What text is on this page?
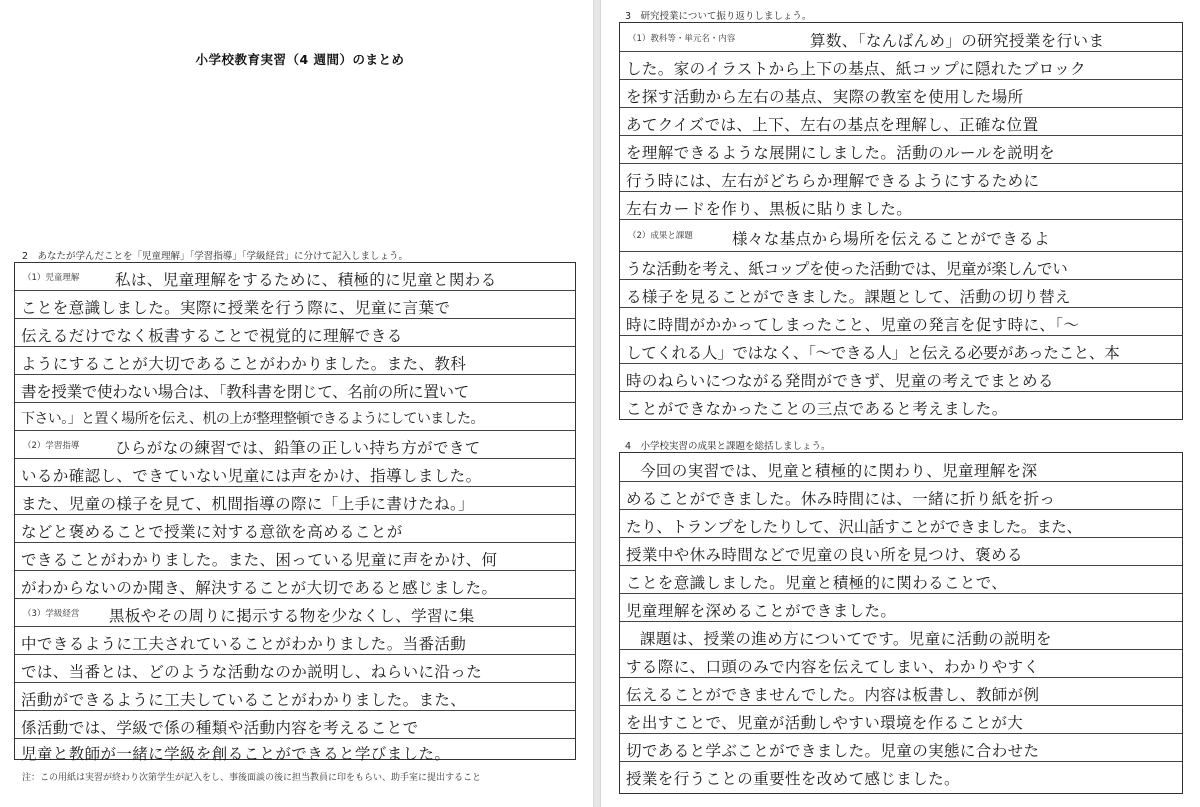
小学校教育実習（4 週間）のまとめ
2　あなたが学んだことを「児童理解」「学習指導」「学級経営」に分けて記入しましょう。
（1）児童理解 私は、児童理解をするために、積極的に児童と関わる
ことを意識しました。実際に授業を行う際に、児童に言葉で
伝えるだけでなく板書することで視覚的に理解できる
ようにすることが大切であることがわかりました。また、教科
書を授業で使わない場合は、「教科書を閉じて、名前の所に置いて
下さい。」と置く場所を伝え、机の上が整理整頓できるようにしていました。
（2）学習指導 ひらがなの練習では、鉛筆の正しい持ち方ができて
いるか確認し、できていない児童には声をかけ、指導しました。
また、児童の様子を見て、机間指導の際に「上手に書けたね。」
などと褒めることで授業に対する意欲を高めることが
できることがわかりました。また、困っている児童に声をかけ、何
がわからないのか聞き、解決することが大切であると感じました。
（3）学級経営 黒板やその周りに掲示する物を少なくし、学習に集
中できるように工夫されていることがわかりました。当番活動
では、当番とは、どのような活動なのか説明し、ねらいに沿った
活動ができるように工夫していることがわかりました。また、
係活動では、学級で係の種類や活動内容を考えることで
児童と教師が一緒に学級を創ることができると学びました。
注：この用紙は実習が終わり次第学生が記入をし、事後面談の後に担当教員に印をもらい、助手室に提出すること
3　研究授業について振り返りしましょう。
（1）教科等・単元名・内容	算数、「なんばんめ」の研究授業を行いま
した。家のイラストから上下の基点、紙コップに隠れたブロック
を探す活動から左右の基点、実際の教室を使用した場所
あてクイズでは、上下、左右の基点を理解し、正確な位置
を理解できるような展開にしました。活動のルールを説明を
行う時には、左右がどちらか理解できるようにするために
左右カードを作り、黒板に貼りました。
（2）成果と課題	様々な基点から場所を伝えることができるよ
うな活動を考え、紙コップを使った活動では、児童が楽しんでい
る様子を見ることができました。課題として、活動の切り替え
時に時間がかかってしまったこと、児童の発言を促す時に、「～
してくれる人」ではなく、「～できる人」と伝える必要があったこと、本
時のねらいにつながる発問ができず、児童の考えでまとめる
ことができなかったことの三点であると考えました。
4　小学校実習の成果と課題を総括しましょう。
今回の実習では、児童と積極的に関わり、児童理解を深
めることができました。休み時間には、一緒に折り紙を折っ
たり、トランプをしたりして、沢山話すことができました。また、
授業中や休み時間などで児童の良い所を見つけ、褒める
ことを意識しました。児童と積極的に関わることで、
児童理解を深めることができました。
課題は、授業の進め方についてです。児童に活動の説明を
する際に、口頭のみで内容を伝えてしまい、わかりやすく
伝えることができませんでした。内容は板書し、教師が例
を出すことで、児童が活動しやすい環境を作ることが大
切であると学ぶことができました。児童の実態に合わせた
授業を行うことの重要性を改めて感じました。
